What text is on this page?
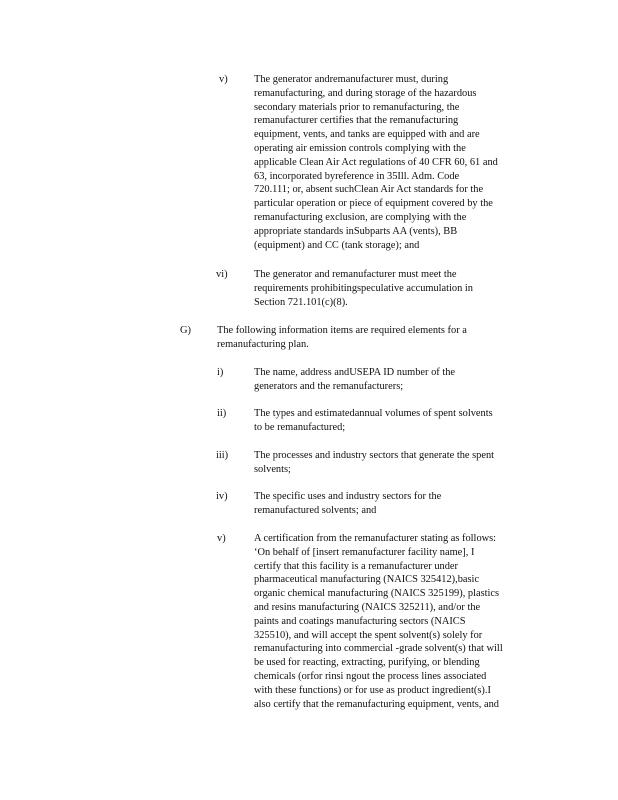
v)	The generator andremanufacturer must, during
remanufacturing, and during storage of the hazardous
secondary materials prior to remanufacturing, the
remanufacturer certifies that the remanufacturing
equipment, vents, and tanks are equipped with and are
operating air emission controls complying with the
applicable Clean Air Act regulations of 40 CFR 60, 61 and
63, incorporated byreference in 35Ill. Adm. Code
720.111; or, absent suchClean Air Act standards for the
particular operation or piece of equipment covered by the
remanufacturing exclusion, are complying with the
appropriate standards inSubparts AA (vents), BB
(equipment) and CC (tank storage); and
vi)	The generator and remanufacturer must meet the
requirements prohibitingspeculative accumulation in
Section 721.101(c)(8).
G)	The following information items are required elements for a
remanufacturing plan.
i)	The name, address andUSEPA ID number of the
generators and the remanufacturers;
ii)	The types and estimatedannual volumes of spent solvents
to be remanufactured;
iii) The processes and industry sectors that generate the spent
solvents;
iv)	The specific uses and industry sectors for the
remanufactured solvents; and
v)	A certification from the remanufacturer stating as follows:
‘On behalf of [insert remanufacturer facility name], I
certify that this facility is a remanufacturer under
pharmaceutical manufacturing (NAICS 325412),basic
organic chemical manufacturing (NAICS 325199), plastics
and resins manufacturing (NAICS 325211), and/or the
paints and coatings manufacturing sectors (NAICS
325510), and will accept the spent solvent(s) solely for
remanufacturing into commercial -grade solvent(s) that will
be used for reacting, extracting, purifying, or blending
chemicals (orfor rinsi ngout the process lines associated
with these functions) or for use as product ingredient(s).I
also certify that the remanufacturing equipment, vents, and
